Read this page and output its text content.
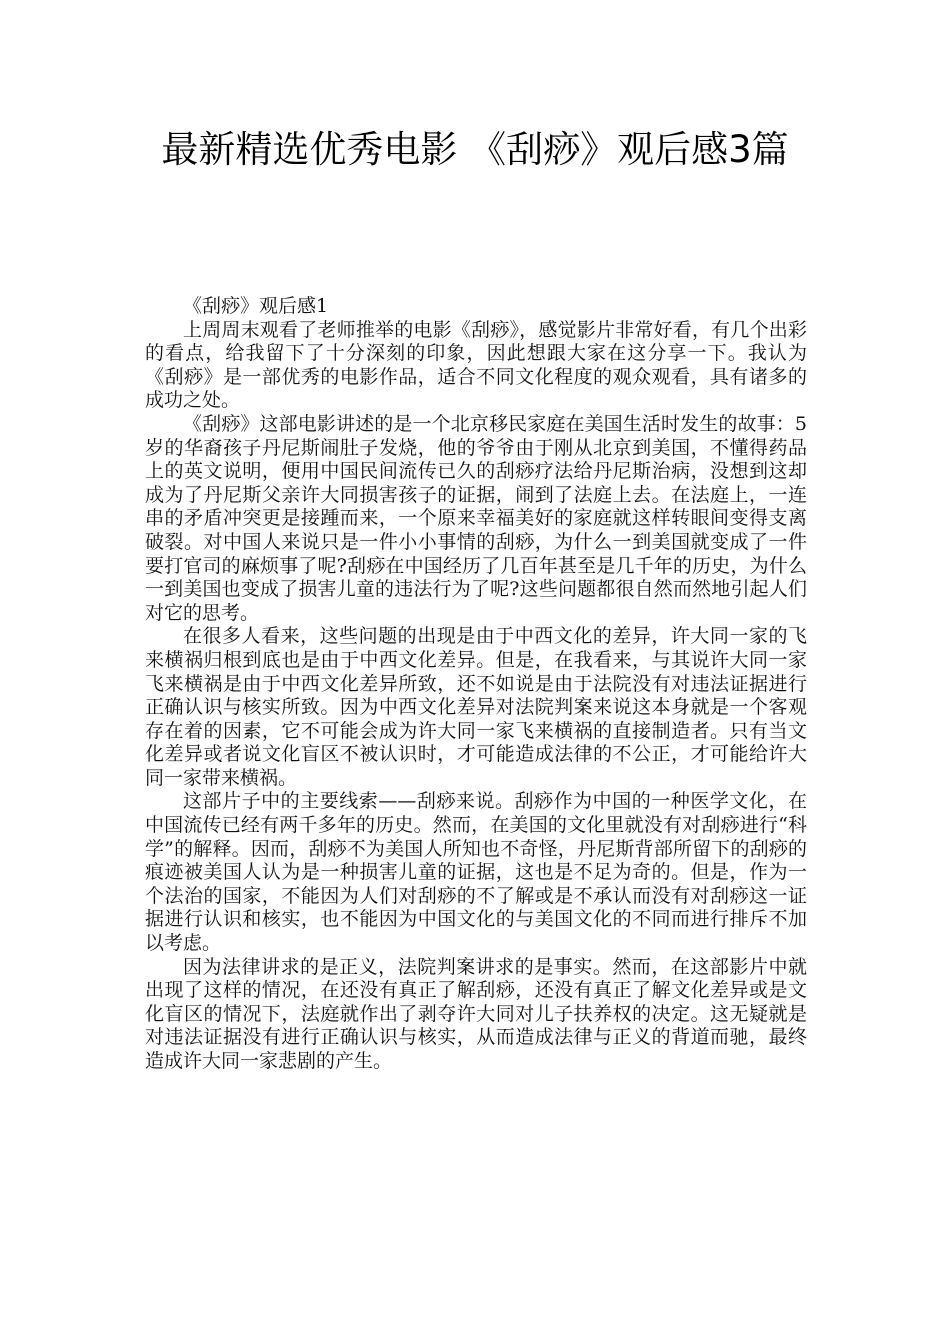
最新精选优秀电影 《刮痧》观后感3篇

《刮痧》观后感1

上周周末观看了老师推举的电影《刮痧》，感觉影片非常好看，有几个出彩的看点，给我留下了十分深刻的印象，因此想跟大家在这分享一下。我认为《刮痧》是一部优秀的电影作品，适合不同文化程度的观众观看，具有诸多的成功之处。

《刮痧》这部电影讲述的是一个北京移民家庭在美国生活时发生的故事：5岁的华裔孩子丹尼斯闹肚子发烧，他的爷爷由于刚从北京到美国，不懂得药品上的英文说明，便用中国民间流传已久的刮痧疗法给丹尼斯治病，没想到这却成为了丹尼斯父亲许大同损害孩子的证据，闹到了法庭上去。在法庭上，一连串的矛盾冲突更是接踵而来，一个原来幸福美好的家庭就这样转眼间变得支离破裂。对中国人来说只是一件小小事情的刮痧，为什么一到美国就变成了一件要打官司的麻烦事了呢?刮痧在中国经历了几百年甚至是几千年的历史，为什么一到美国也变成了损害儿童的违法行为了呢?这些问题都很自然而然地引起人们对它的思考。

在很多人看来，这些问题的出现是由于中西文化的差异，许大同一家的飞来横祸归根到底也是由于中西文化差异。但是，在我看来，与其说许大同一家飞来横祸是由于中西文化差异所致，还不如说是由于法院没有对违法证据进行正确认识与核实所致。因为中西文化差异对法院判案来说这本身就是一个客观存在着的因素，它不可能会成为许大同一家飞来横祸的直接制造者。只有当文化差异或者说文化盲区不被认识时，才可能造成法律的不公正，才可能给许大同一家带来横祸。

这部片子中的主要线索——刮痧来说。刮痧作为中国的一种医学文化，在中国流传已经有两千多年的历史。然而，在美国的文化里就没有对刮痧进行“科学”的解释。因而，刮痧不为美国人所知也不奇怪，丹尼斯背部所留下的刮痧的痕迹被美国人认为是一种损害儿童的证据，这也是不足为奇的。但是，作为一个法治的国家，不能因为人们对刮痧的不了解或是不承认而没有对刮痧这一证据进行认识和核实，也不能因为中国文化的与美国文化的不同而进行排斥不加以考虑。

因为法律讲求的是正义，法院判案讲求的是事实。然而，在这部影片中就出现了这样的情况，在还没有真正了解刮痧，还没有真正了解文化差异或是文化盲区的情况下，法庭就作出了剥夺许大同对儿子扶养权的决定。这无疑就是对违法证据没有进行正确认识与核实，从而造成法律与正义的背道而驰，最终造成许大同一家悲剧的产生。
